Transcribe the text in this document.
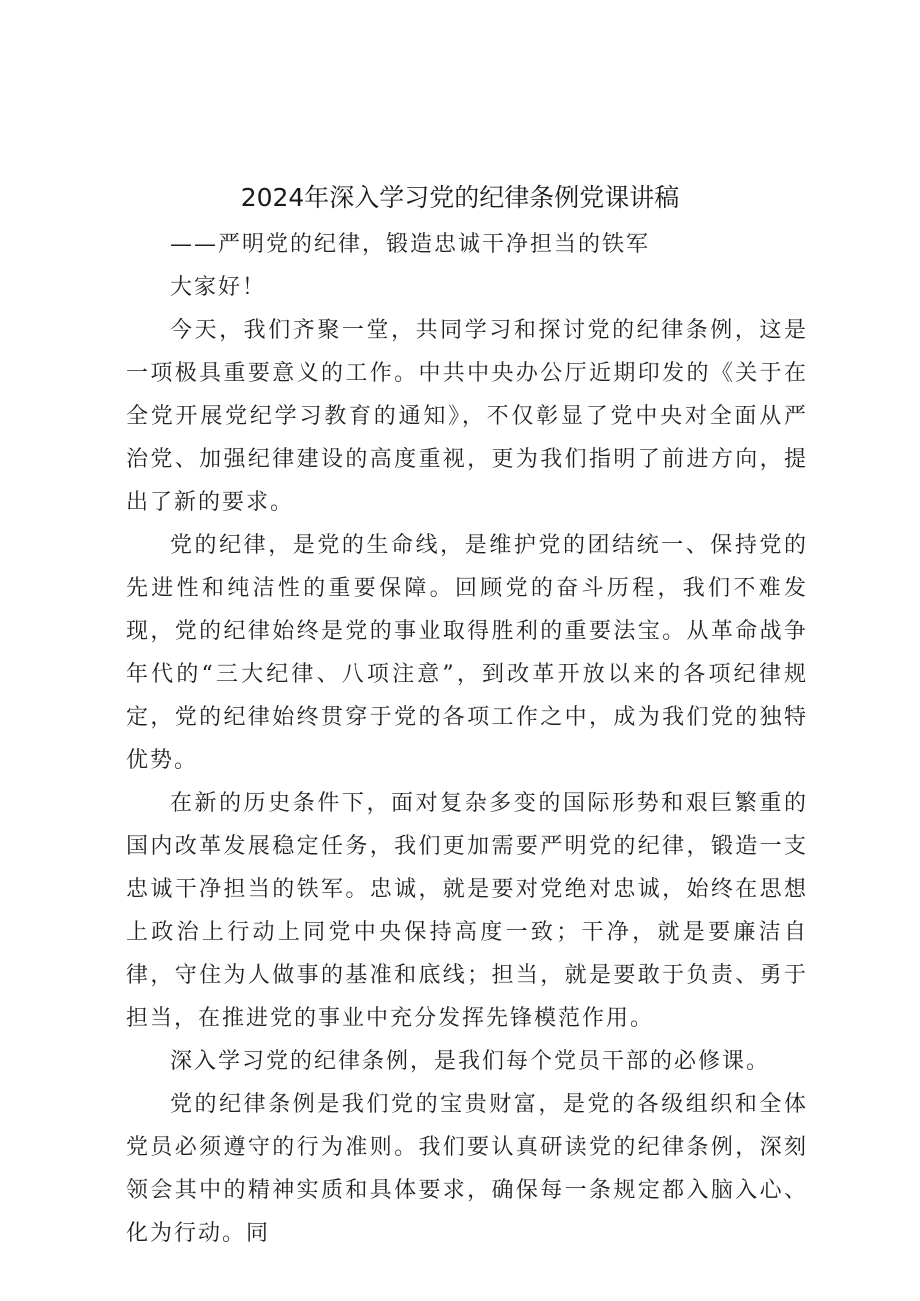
2024年深入学习党的纪律条例党课讲稿

——严明党的纪律，锻造忠诚干净担当的铁军

大家好！

今天，我们齐聚一堂，共同学习和探讨党的纪律条例，这是一项极具重要意义的工作。中共中央办公厅近期印发的《关于在全党开展党纪学习教育的通知》，不仅彰显了党中央对全面从严治党、加强纪律建设的高度重视，更为我们指明了前进方向，提出了新的要求。

党的纪律，是党的生命线，是维护党的团结统一、保持党的先进性和纯洁性的重要保障。回顾党的奋斗历程，我们不难发现，党的纪律始终是党的事业取得胜利的重要法宝。从革命战争年代的“三大纪律、八项注意”，到改革开放以来的各项纪律规定，党的纪律始终贯穿于党的各项工作之中，成为我们党的独特优势。

在新的历史条件下，面对复杂多变的国际形势和艰巨繁重的国内改革发展稳定任务，我们更加需要严明党的纪律，锻造一支忠诚干净担当的铁军。忠诚，就是要对党绝对忠诚，始终在思想上政治上行动上同党中央保持高度一致；干净，就是要廉洁自律，守住为人做事的基准和底线；担当，就是要敢于负责、勇于担当，在推进党的事业中充分发挥先锋模范作用。

深入学习党的纪律条例，是我们每个党员干部的必修课。

党的纪律条例是我们党的宝贵财富，是党的各级组织和全体党员必须遵守的行为准则。我们要认真研读党的纪律条例，深刻领会其中的精神实质和具体要求，确保每一条规定都入脑入心、化为行动。同
